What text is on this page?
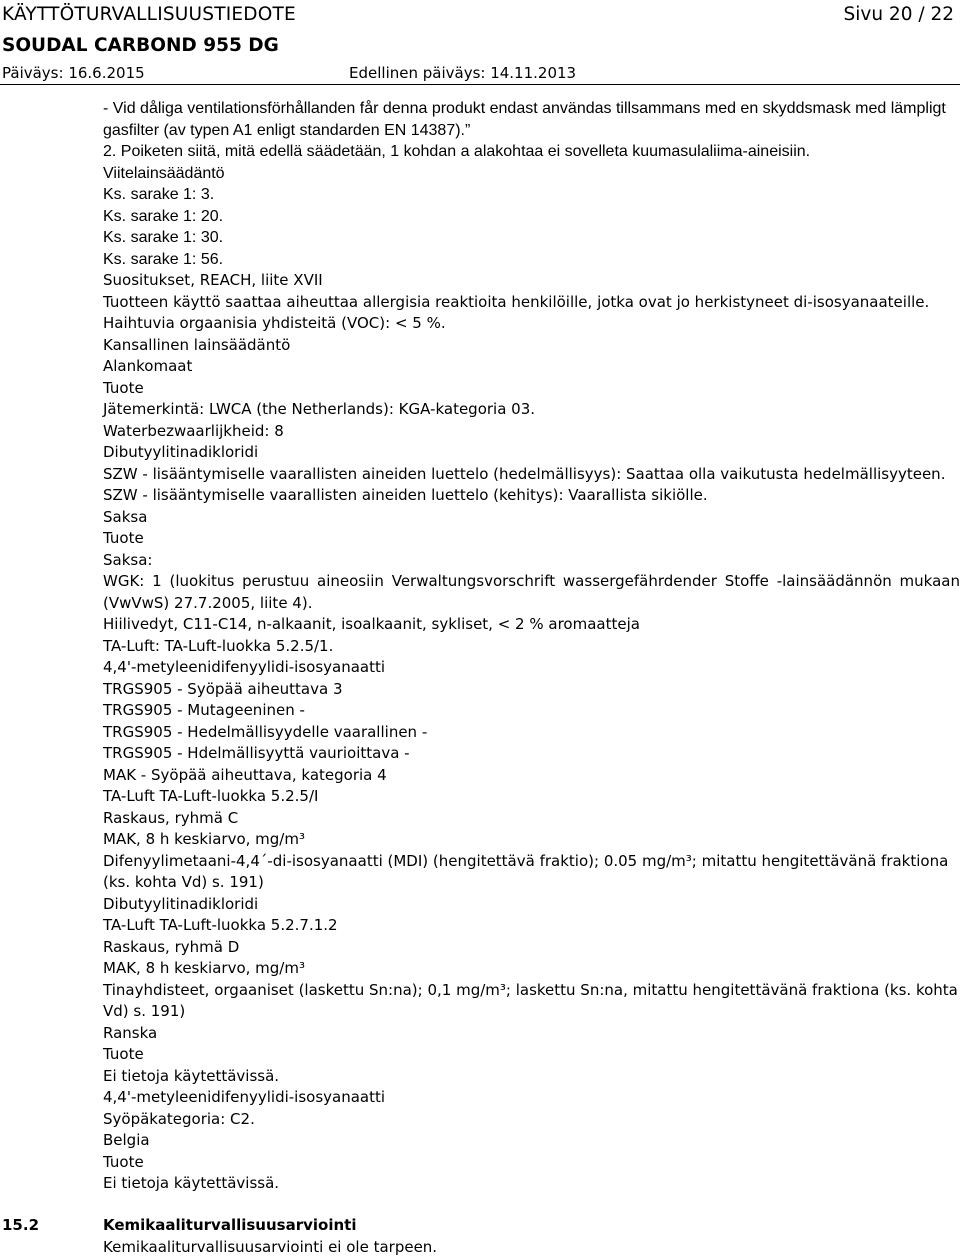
KÄYTTÖTURVALLISUUSTIEDOTE	Sivu 20 / 22
SOUDAL CARBOND 955 DG
Päiväys: 16.6.2015	Edellinen päiväys: 14.11.2013
- Vid dåliga ventilationsförhållanden får denna produkt endast användas tillsammans med en skyddsmask med lämpligt gasfilter (av typen A1 enligt standarden EN 14387).”
2. Poiketen siitä, mitä edellä säädetään, 1 kohdan a alakohtaa ei sovelleta kuumasulaliima-aineisiin.
Viitelainsäädäntö
Ks. sarake 1: 3.
Ks. sarake 1: 20.
Ks. sarake 1: 30.
Ks. sarake 1: 56.
Suositukset, REACH, liite XVII
Tuotteen käyttö saattaa aiheuttaa allergisia reaktioita henkilöille, jotka ovat jo herkistyneet di-isosyanaateille.
Haihtuvia orgaanisia yhdisteitä (VOC): < 5 %.
Kansallinen lainsäädäntö
Alankomaat
Tuote
Jätemerkintä: LWCA (the Netherlands): KGA-kategoria 03.
Waterbezwaarlijkheid: 8
Dibutyylitinadikloridi
SZW - lisääntymiselle vaarallisten aineiden luettelo (hedelmällisyys): Saattaa olla vaikutusta hedelmällisyyteen.
SZW - lisääntymiselle vaarallisten aineiden luettelo (kehitys): Vaarallista sikiölle.
Saksa
Tuote
Saksa:
WGK: 1 (luokitus perustuu aineosiin Verwaltungsvorschrift wassergefährdender Stoffe -lainsäädännön mukaan (VwVwS) 27.7.2005, liite 4).
Hiilivedyt, C11-C14, n-alkaanit, isoalkaanit, sykliset, < 2 % aromaatteja
TA-Luft: TA-Luft-luokka 5.2.5/1.
4,4'-metyleenidifenyylidi-isosyanaatti
TRGS905 - Syöpää aiheuttava 3
TRGS905 - Mutageeninen -
TRGS905 - Hedelmällisyydelle vaarallinen -
TRGS905 - Hdelmällisyyttä vaurioittava -
MAK - Syöpää aiheuttava, kategoria 4
TA-Luft TA-Luft-luokka 5.2.5/I
Raskaus, ryhmä C
MAK, 8 h keskiarvo, mg/m³
Difenyylimetaani-4,4´-di-isosyanaatti (MDI) (hengitettävä fraktio); 0.05 mg/m³; mitattu hengitettävänä fraktiona (ks. kohta Vd) s. 191)
Dibutyylitinadikloridi
TA-Luft TA-Luft-luokka 5.2.7.1.2
Raskaus, ryhmä D
MAK, 8 h keskiarvo, mg/m³
Tinayhdisteet, orgaaniset (laskettu Sn:na); 0,1 mg/m³; laskettu Sn:na, mitattu hengitettävänä fraktiona (ks. kohta Vd) s. 191)
Ranska
Tuote
Ei tietoja käytettävissä.
4,4'-metyleenidifenyylidi-isosyanaatti
Syöpäkategoria: C2.
Belgia
Tuote
Ei tietoja käytettävissä.
15.2	Kemikaaliturvallisuusarviointi
Kemikaaliturvallisuusarviointi ei ole tarpeen.
